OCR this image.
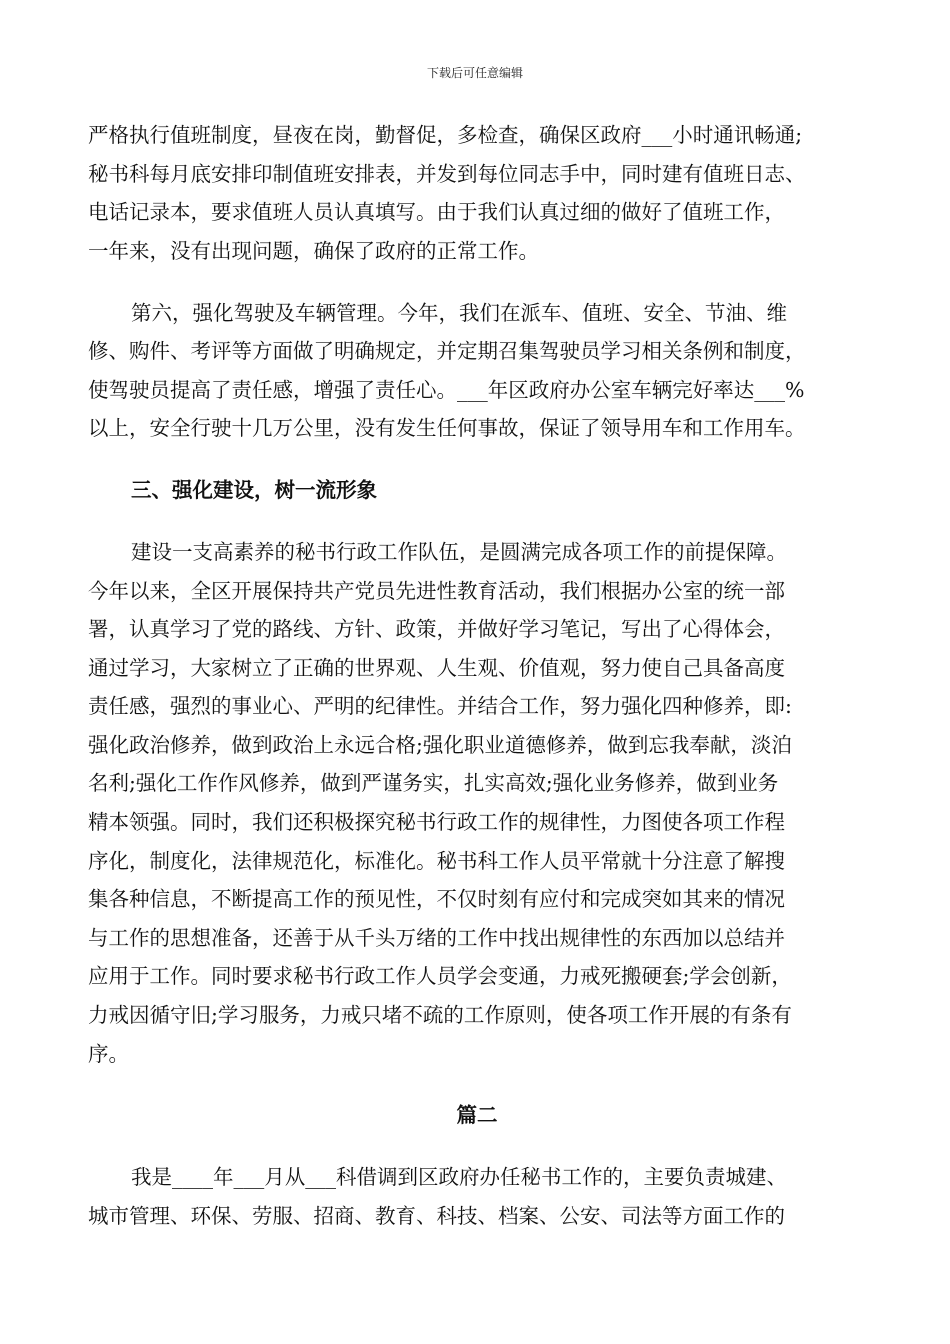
下载后可任意编辑
严格执行值班制度，昼夜在岗，勤督促，多检查，确保区政府___小时通讯畅通;
秘书科每月底安排印制值班安排表，并发到每位同志手中，同时建有值班日志、
电话记录本，要求值班人员认真填写。由于我们认真过细的做好了值班工作，
一年来，没有出现问题，确保了政府的正常工作。
第六，强化驾驶及车辆管理。今年，我们在派车、值班、安全、节油、维
修、购件、考评等方面做了明确规定，并定期召集驾驶员学习相关条例和制度，
使驾驶员提高了责任感，增强了责任心。___年区政府办公室车辆完好率达___%
以上，安全行驶十几万公里，没有发生任何事故，保证了领导用车和工作用车。
三、强化建设，树一流形象
建设一支高素养的秘书行政工作队伍，是圆满完成各项工作的前提保障。
今年以来，全区开展保持共产党员先进性教育活动，我们根据办公室的统一部
署，认真学习了党的路线、方针、政策，并做好学习笔记，写出了心得体会，
通过学习，大家树立了正确的世界观、人生观、价值观，努力使自己具备高度
责任感，强烈的事业心、严明的纪律性。并结合工作，努力强化四种修养，即:
强化政治修养，做到政治上永远合格;强化职业道德修养，做到忘我奉献，淡泊
名利;强化工作作风修养，做到严谨务实，扎实高效;强化业务修养，做到业务
精本领强。同时，我们还积极探究秘书行政工作的规律性，力图使各项工作程
序化，制度化，法律规范化，标准化。秘书科工作人员平常就十分注意了解搜
集各种信息，不断提高工作的预见性，不仅时刻有应付和完成突如其来的情况
与工作的思想准备，还善于从千头万绪的工作中找出规律性的东西加以总结并
应用于工作。同时要求秘书行政工作人员学会变通，力戒死搬硬套;学会创新，
力戒因循守旧;学习服务，力戒只堵不疏的工作原则，使各项工作开展的有条有
序。
篇二
我是____年___月从___科借调到区政府办任秘书工作的，主要负责城建、
城市管理、环保、劳服、招商、教育、科技、档案、公安、司法等方面工作的
